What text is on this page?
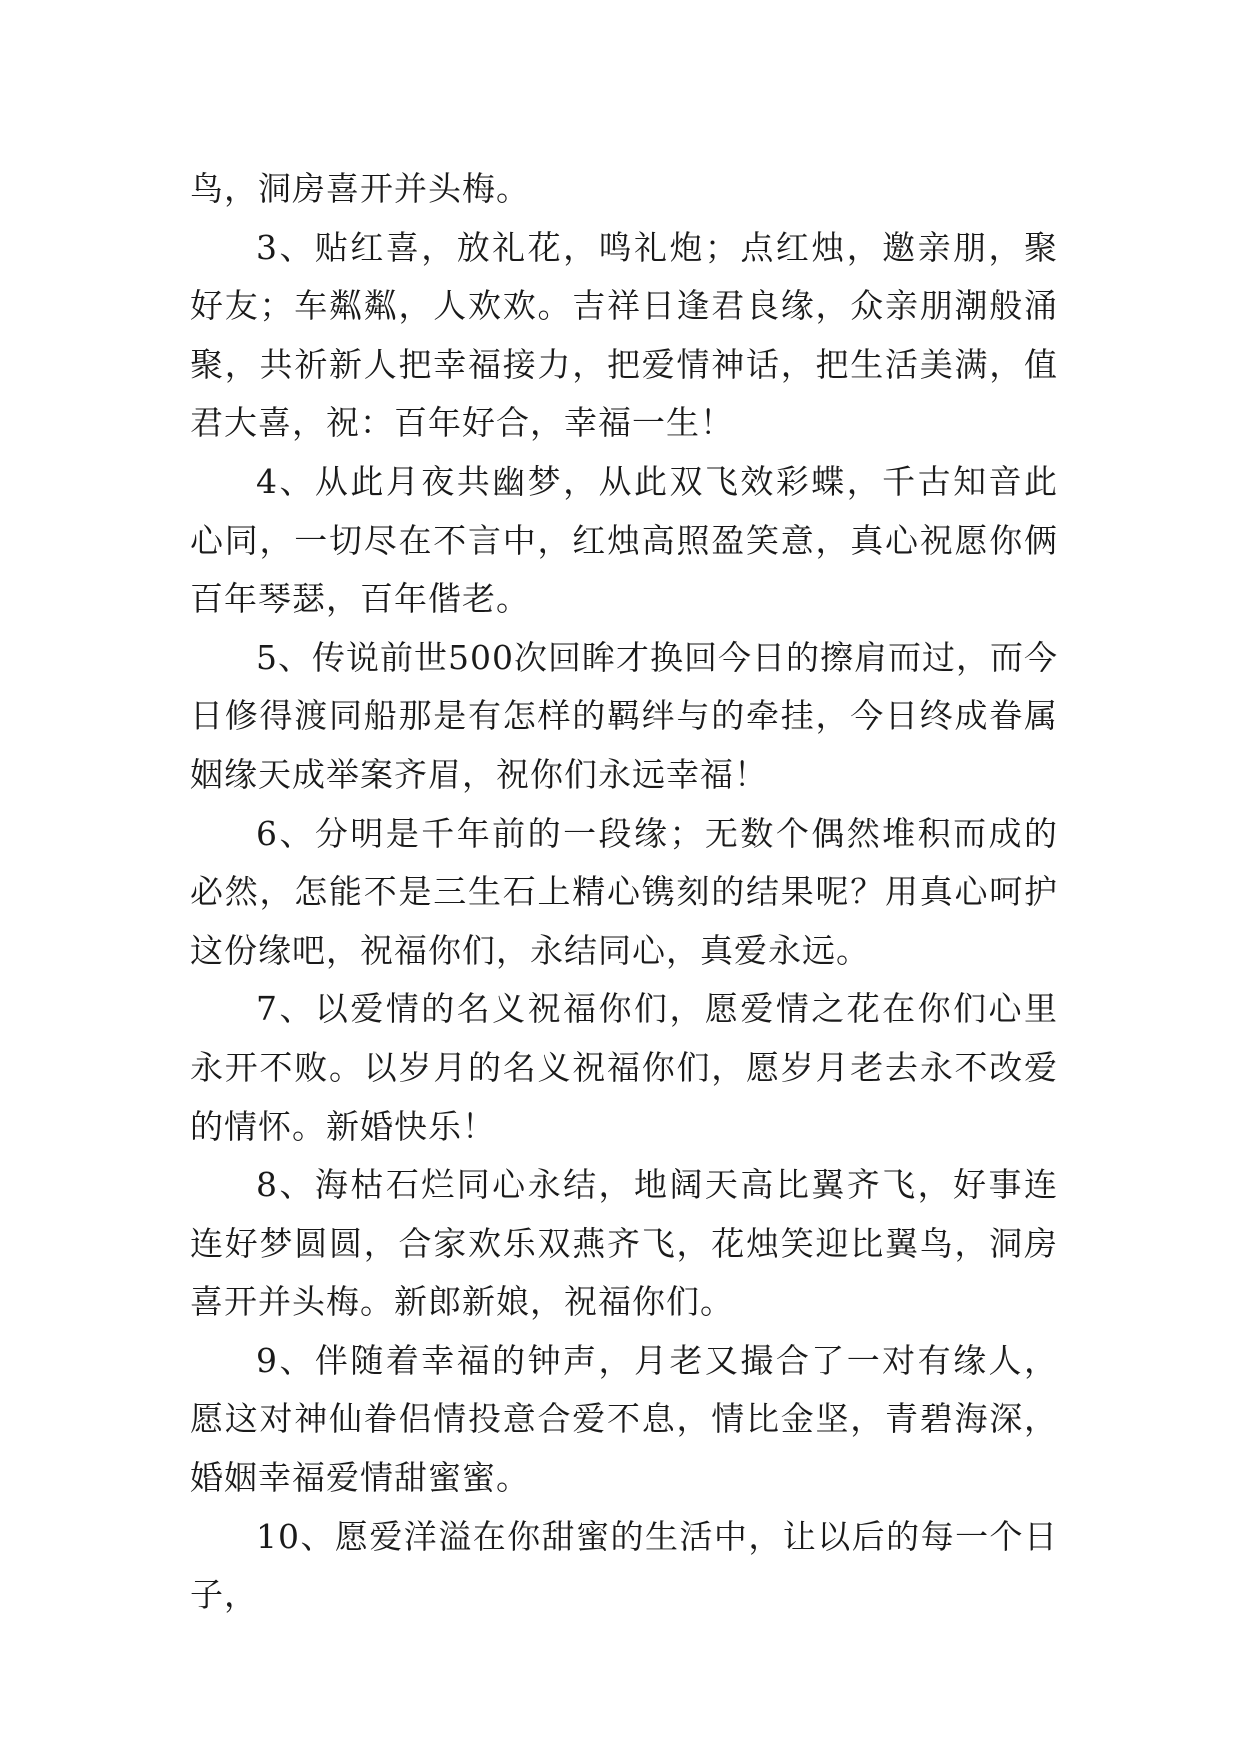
鸟，洞房喜开并头梅。

3、贴红喜，放礼花，鸣礼炮；点红烛，邀亲朋，聚好友；车粼粼，人欢欢。吉祥日逢君良缘，众亲朋潮般涌聚，共祈新人把幸福接力，把爱情神话，把生活美满，值君大喜，祝：百年好合，幸福一生！

4、从此月夜共幽梦，从此双飞效彩蝶，千古知音此心同，一切尽在不言中，红烛高照盈笑意，真心祝愿你俩百年琴瑟，百年偕老。

5、传说前世500次回眸才换回今日的擦肩而过，而今日修得渡同船那是有怎样的羁绊与的牵挂，今日终成眷属姻缘天成举案齐眉，祝你们永远幸福！

6、分明是千年前的一段缘；无数个偶然堆积而成的必然，怎能不是三生石上精心镌刻的结果呢？用真心呵护这份缘吧，祝福你们，永结同心，真爱永远。

7、以爱情的名义祝福你们，愿爱情之花在你们心里永开不败。以岁月的名义祝福你们，愿岁月老去永不改爱的情怀。新婚快乐！

8、海枯石烂同心永结，地阔天高比翼齐飞，好事连连好梦圆圆，合家欢乐双燕齐飞，花烛笑迎比翼鸟，洞房喜开并头梅。新郎新娘，祝福你们。

9、伴随着幸福的钟声，月老又撮合了一对有缘人，愿这对神仙眷侣情投意合爱不息，情比金坚，青碧海深，婚姻幸福爱情甜蜜蜜。

10、愿爱洋溢在你甜蜜的生活中，让以后的每一个日子，
